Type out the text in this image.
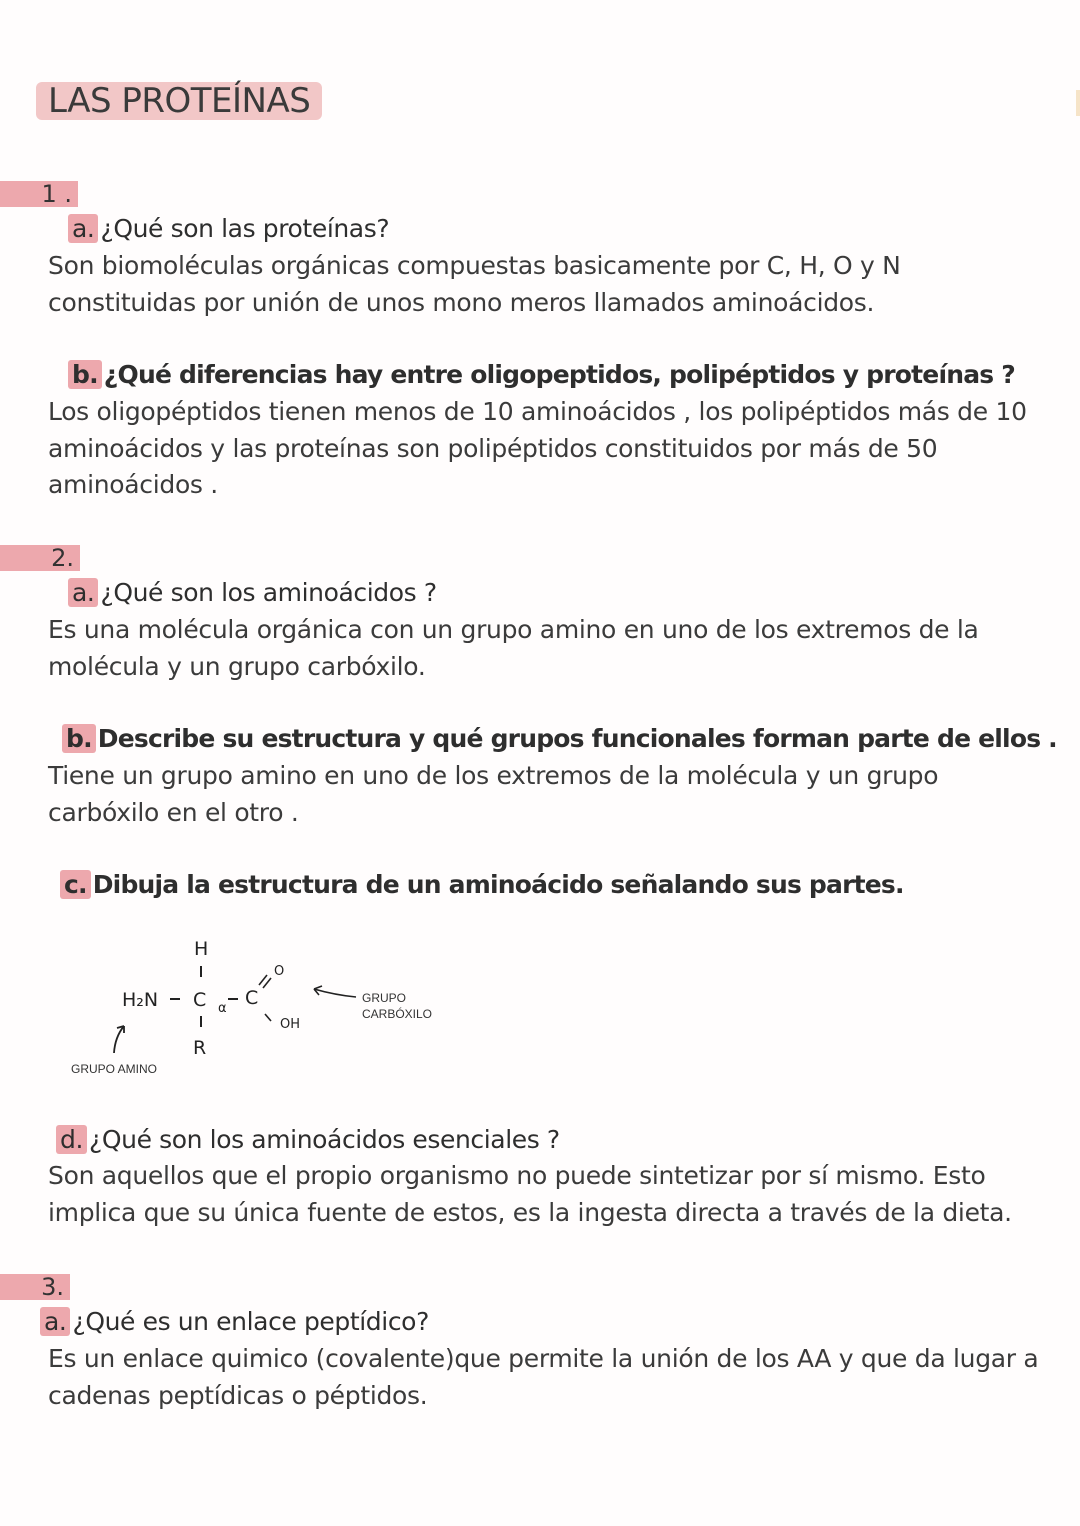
LAS PROTEÍNAS
1 .
a. ¿Qué son las proteínas?
Son biomoléculas orgánicas compuestas basicamente por C, H, O y N constituidas por unión de unos mono meros llamados aminoácidos.
b. ¿Qué diferencias hay entre oligopeptidos, polipéptidos y proteínas ?
Los oligopéptidos tienen menos de 10 aminoácidos , los polipéptidos más de 10 aminoácidos y las proteínas son polipéptidos constituidos por más de 50 aminoácidos .
2.
a. ¿Qué son los aminoácidos ?
Es una molécula orgánica con un grupo amino en uno de los extremos de la molécula y un grupo carbóxilo.
b. Describe su estructura y qué grupos funcionales forman parte de ellos .
Tiene un grupo amino en uno de los extremos de la molécula y un grupo carbóxilo en el otro .
c. Dibuja la estructura de un aminoácido señalando sus partes.
H
H₂N C α C
O
OH
R
GRUPO
CARBÓXILO
GRUPO AMINO
d. ¿Qué son los aminoácidos esenciales ?
Son aquellos que el propio organismo no puede sintetizar por sí mismo. Esto implica que su única fuente de estos, es la ingesta directa a través de la dieta.
3.
a. ¿Qué es un enlace peptídico?
Es un enlace quimico (covalente)que permite la unión de los AA y que da lugar a cadenas peptídicas o péptidos.
